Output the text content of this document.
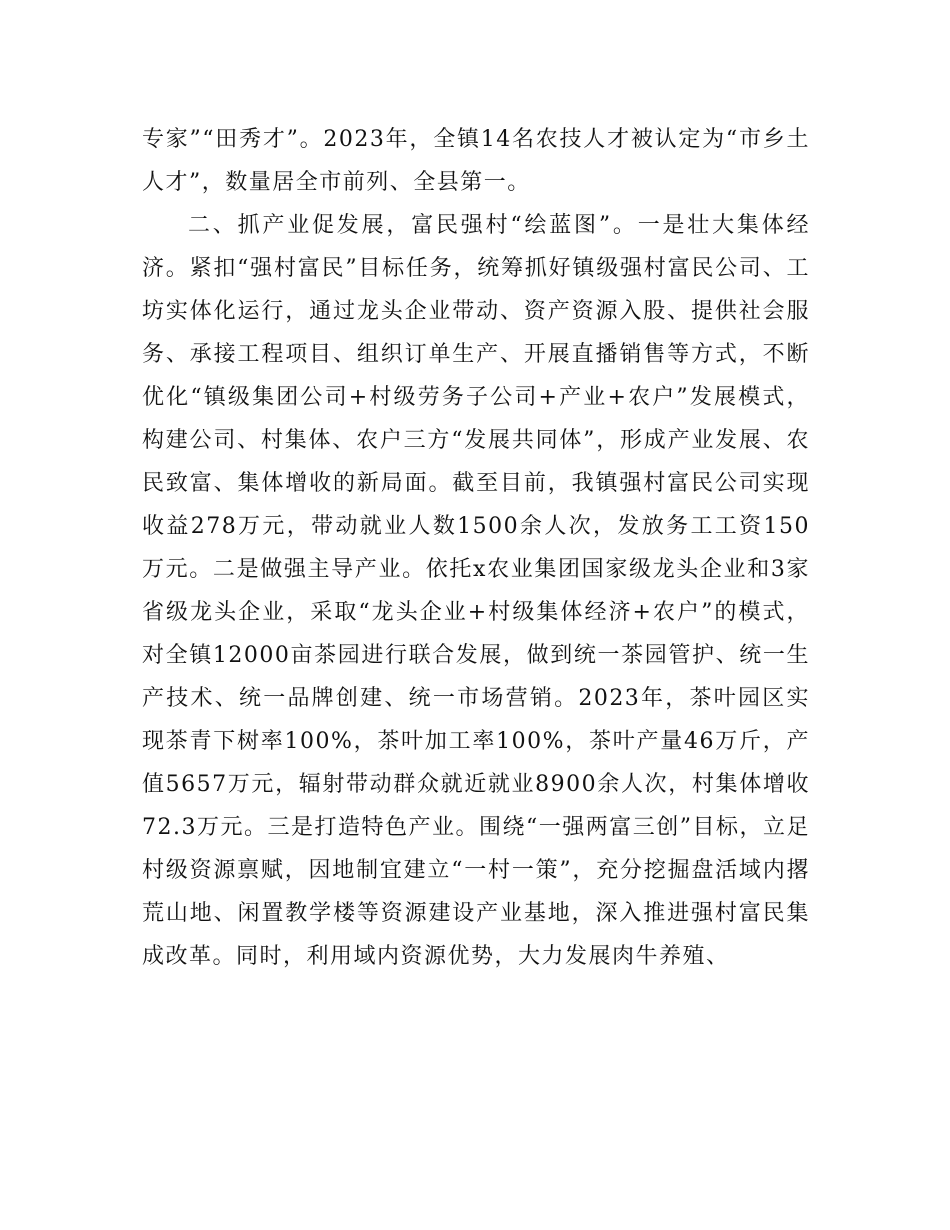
专家”“田秀才”。2023年，全镇14名农技人才被认定为“市乡土人才”，数量居全市前列、全县第一。

二、抓产业促发展，富民强村“绘蓝图”。一是壮大集体经济。紧扣“强村富民”目标任务，统筹抓好镇级强村富民公司、工坊实体化运行，通过龙头企业带动、资产资源入股、提供社会服务、承接工程项目、组织订单生产、开展直播销售等方式，不断优化“镇级集团公司+村级劳务子公司+产业+农户”发展模式，构建公司、村集体、农户三方“发展共同体”，形成产业发展、农民致富、集体增收的新局面。截至目前，我镇强村富民公司实现收益278万元，带动就业人数1500余人次，发放务工工资150万元。二是做强主导产业。依托x农业集团国家级龙头企业和3家省级龙头企业，采取“龙头企业+村级集体经济+农户”的模式，对全镇12000亩茶园进行联合发展，做到统一茶园管护、统一生产技术、统一品牌创建、统一市场营销。2023年，茶叶园区实现茶青下树率100%，茶叶加工率100%，茶叶产量46万斤，产值5657万元，辐射带动群众就近就业8900余人次，村集体增收72.3万元。三是打造特色产业。围绕“一强两富三创”目标，立足村级资源禀赋，因地制宜建立“一村一策”，充分挖掘盘活域内撂荒山地、闲置教学楼等资源建设产业基地，深入推进强村富民集成改革。同时，利用域内资源优势，大力发展肉牛养殖、
